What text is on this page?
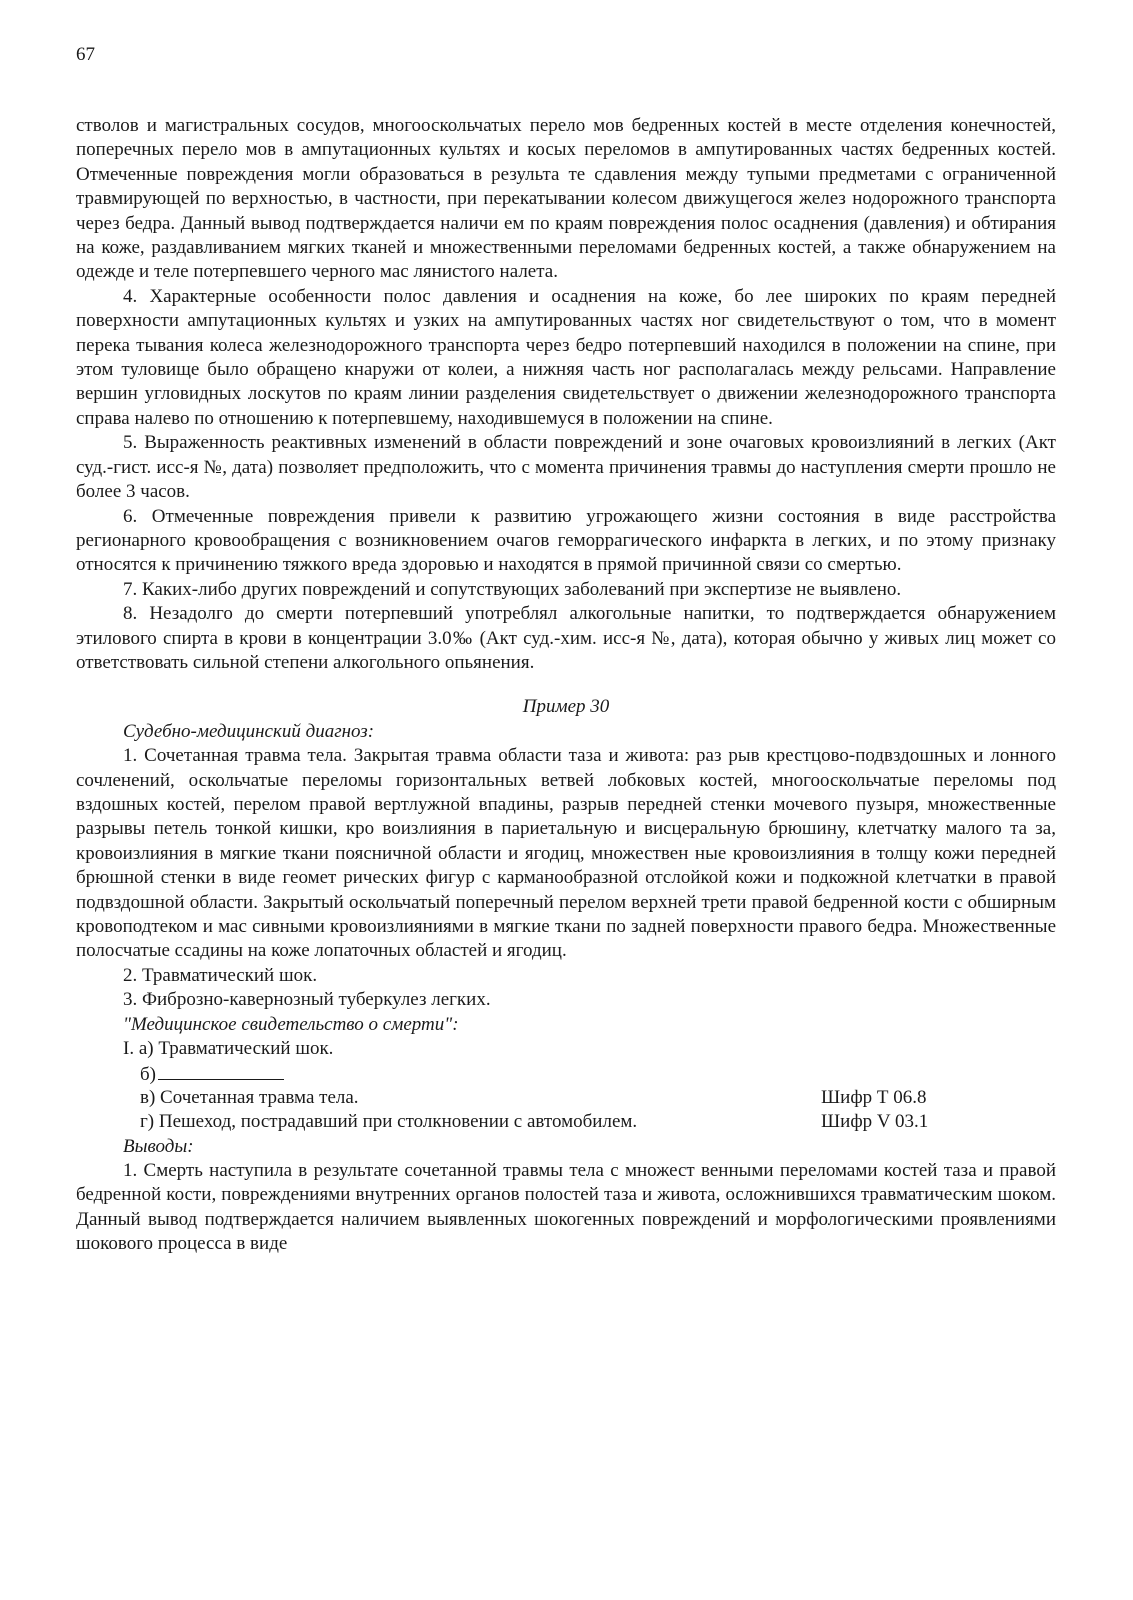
67

стволов и магистральных сосудов, многооскольчатых перело мов бедренных костей в месте отделения конечностей, поперечных перело мов в ампутационных культях и косых переломов в ампутированных частях бедренных костей. Отмеченные повреждения могли образоваться в результа те сдавления между тупыми предметами с ограниченной травмирующей по верхностью, в частности, при перекатывании колесом движущегося желез нодорожного транспорта через бедра. Данный вывод подтверждается наличи ем по краям повреждения полос осаднения (давления) и обтирания на коже, раздавливанием мягких тканей и множественными переломами бедренных костей, а также обнаружением на одежде и теле потерпевшего черного мас лянистого налета.

4. Характерные особенности полос давления и осаднения на коже, бо лее широких по краям передней поверхности ампутационных культях и узких на ампутированных частях ног свидетельствуют о том, что в момент перека тывания колеса железнодорожного транспорта через бедро потерпевший находился в положении на спине, при этом туловище было обращено кнаружи от колеи, а нижняя часть ног располагалась между рельсами. Направление вершин угловидных лоскутов по краям линии разделения свидетельствует о движении железнодорожного транспорта справа налево по отношению к потерпевшему, находившемуся в положении на спине.

5. Выраженность реактивных изменений в области повреждений и зоне очаговых кровоизлияний в легких (Акт суд.-гист. исс-я №, дата) позволяет предположить, что с момента причинения травмы до наступления смерти прошло не более 3 часов.

6. Отмеченные повреждения привели к развитию угрожающего жизни состояния в виде расстройства регионарного кровообращения с возникновением очагов геморрагического инфаркта в легких, и по этому признаку относятся к причинению тяжкого вреда здоровью и находятся в прямой причинной связи со смертью.

7. Каких-либо других повреждений и сопутствующих заболеваний при экспертизе не выявлено.

8. Незадолго до смерти потерпевший употреблял алкогольные напитки, то подтверждается обнаружением этилового спирта в крови в концентрации 3.0‰ (Акт суд.-хим. исс-я №, дата), которая обычно у живых лиц может со ответствовать сильной степени алкогольного опьянения.

Пример 30
Судебно-медицинский диагноз:

1. Сочетанная травма тела. Закрытая травма области таза и живота: раз рыв крестцово-подвздошных и лонного сочленений, оскольчатые переломы горизонтальных ветвей лобковых костей, многооскольчатые переломы под вздошных костей, перелом правой вертлужной впадины, разрыв передней стенки мочевого пузыря, множественные разрывы петель тонкой кишки, кро воизлияния в париетальную и висцеральную брюшину, клетчатку малого та за, кровоизлияния в мягкие ткани поясничной области и ягодиц, множествен ные кровоизлияния в толщу кожи передней брюшной стенки в виде геомет рических фигур с карманообразной отслойкой кожи и подкожной клетчатки в правой подвздошной области. Закрытый оскольчатый поперечный перелом верхней трети правой бедренной кости с обширным кровоподтеком и мас сивными кровоизлияниями в мягкие ткани по задней поверхности правого бедра. Множественные полосчатые ссадины на коже лопаточных областей и ягодиц.

2. Травматический шок.
3. Фиброзно-кавернозный туберкулез легких.
"Медицинское свидетельство о смерти":
I. а) Травматический шок.
б)
в) Сочетанная травма тела.	Шифр Т 06.8
г) Пешеход, пострадавший при столкновении с автомобилем.	Шифр V 03.1
Выводы:

1. Смерть наступила в результате сочетанной травмы тела с множест венными переломами костей таза и правой бедренной кости, повреждениями внутренних органов полостей таза и живота, осложнившихся травматическим шоком. Данный вывод подтверждается наличием выявленных шокогенных повреждений и морфологическими проявлениями шокового процесса в виде
